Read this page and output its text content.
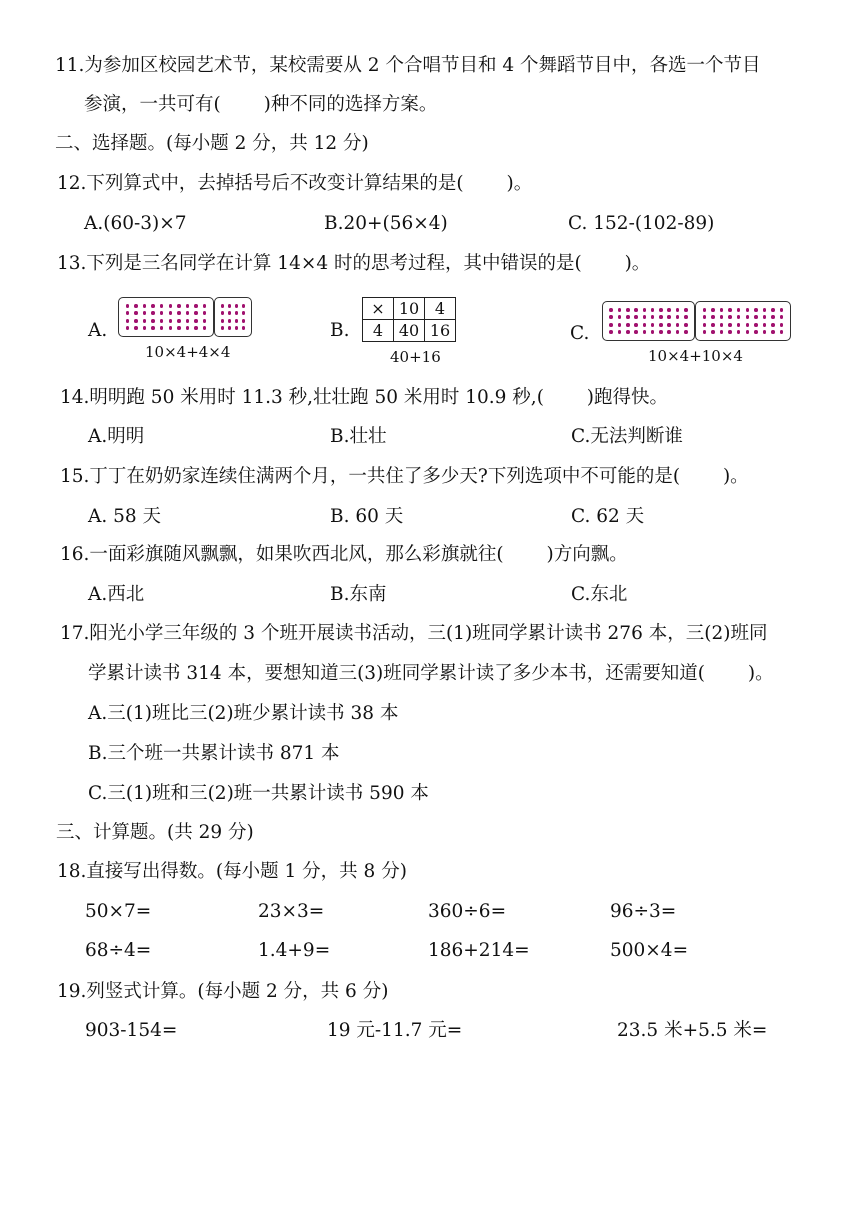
11.为参加区校园艺术节，某校需要从 2 个合唱节目和 4 个舞蹈节目中，各选一个节目
参演，一共可有(　　 )种不同的选择方案。
二、选择题。(每小题 2 分，共 12 分)
12.下列算式中，去掉括号后不改变计算结果的是(　　 )。
A.(60-3)×7	B.20+(56×4)	C. 152-(102-89)
13.下列是三名同学在计算 14×4 时的思考过程，其中错误的是(　　 )。
A.
10×4+4×4
B.
×	10	4
4	40	16
40+16
C.
10×4+10×4
14.明明跑 50 米用时 11.3 秒,壮壮跑 50 米用时 10.9 秒,(　　 )跑得快。
A.明明	B.壮壮	C.无法判断谁
15.丁丁在奶奶家连续住满两个月，一共住了多少天?下列选项中不可能的是(　　 )。
A. 58 天	B. 60 天	C. 62 天
16.一面彩旗随风飘飘，如果吹西北风，那么彩旗就往(　　 )方向飘。
A.西北	B.东南	C.东北
17.阳光小学三年级的 3 个班开展读书活动，三(1)班同学累计读书 276 本，三(2)班同
学累计读书 314 本，要想知道三(3)班同学累计读了多少本书，还需要知道(　　 )。
A.三(1)班比三(2)班少累计读书 38 本
B.三个班一共累计读书 871 本
C.三(1)班和三(2)班一共累计读书 590 本
三、计算题。(共 29 分)
18.直接写出得数。(每小题 1 分，共 8 分)
50×7=	23×3=	360÷6=	96÷3=
68÷4=	1.4+9=	186+214=	500×4=
19.列竖式计算。(每小题 2 分，共 6 分)
903-154=	19 元-11.7 元=	23.5 米+5.5 米=
